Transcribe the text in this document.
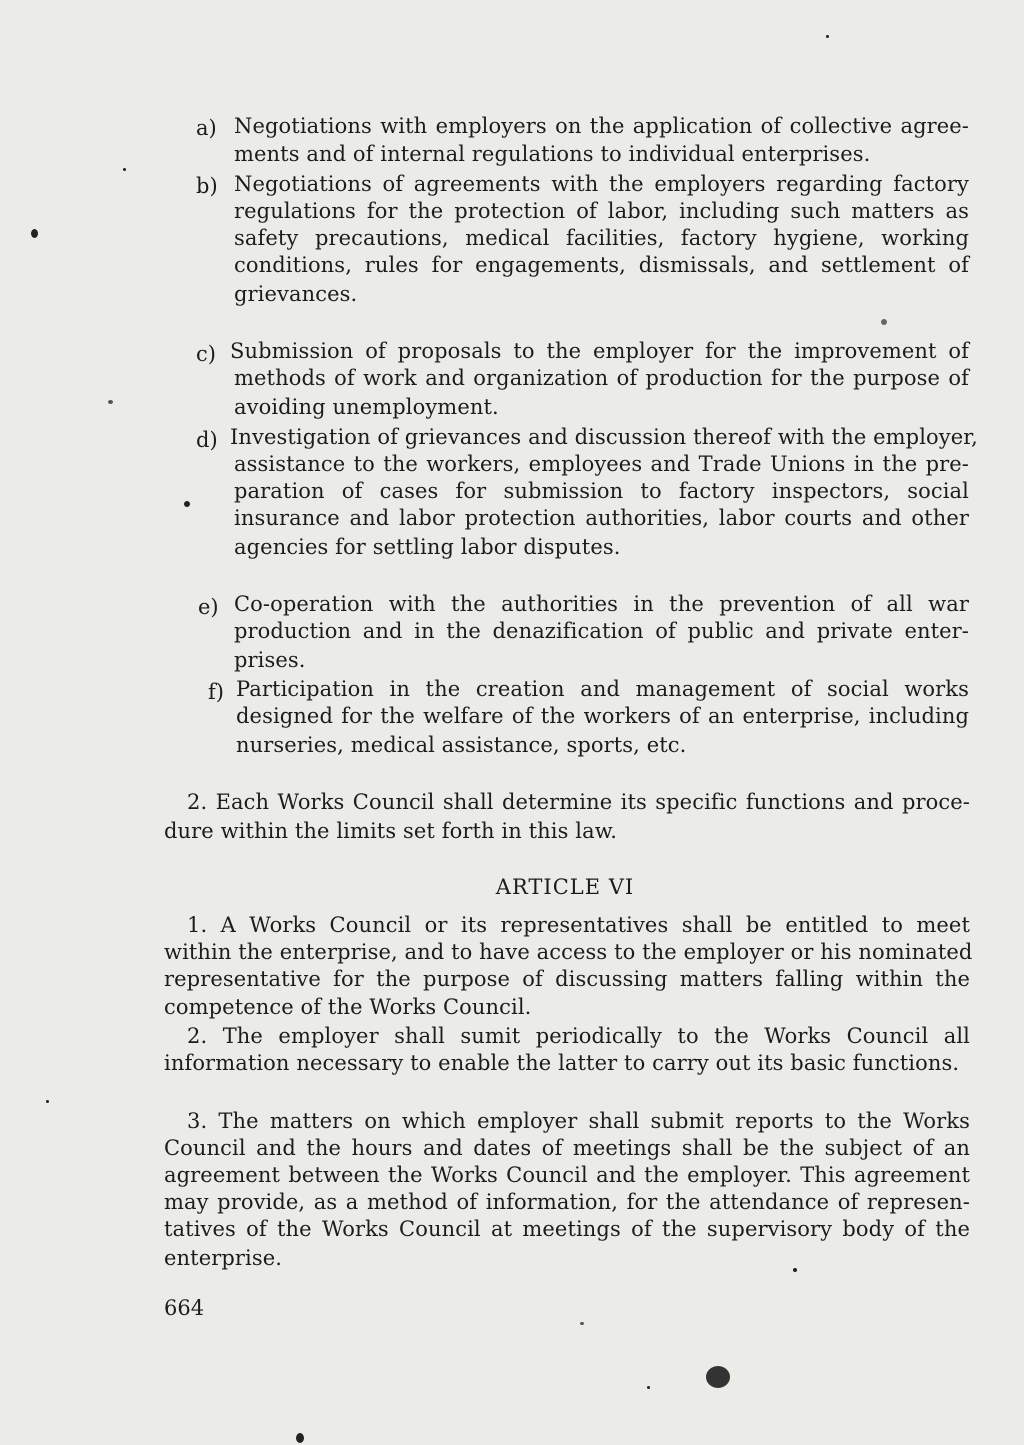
a) Negotiations with employers on the application of collective agree-
ments and of internal regulations to individual enterprises.
b) Negotiations of agreements with the employers regarding factory
regulations for the protection of labor, including such matters as
safety precautions, medical facilities, factory hygiene, working
conditions, rules for engagements, dismissals, and settlement of
grievances.
c) Submission of proposals to the employer for the improvement of
methods of work and organization of production for the purpose of
avoiding unemployment.
d) Investigation of grievances and discussion thereof with the employer,
assistance to the workers, employees and Trade Unions in the pre-
paration of cases for submission to factory inspectors, social
insurance and labor protection authorities, labor courts and other
agencies for settling labor disputes.
e) Co-operation with the authorities in the prevention of all war
production and in the denazification of public and private enter-
prises.
f) Participation in the creation and management of social works
designed for the welfare of the workers of an enterprise, including
nurseries, medical assistance, sports, etc.
2. Each Works Council shall determine its specific functions and proce-
dure within the limits set forth in this law.
ARTICLE VI
1. A Works Council or its representatives shall be entitled to meet
within the enterprise, and to have access to the employer or his nominated
representative for the purpose of discussing matters falling within the
competence of the Works Council.
2. The employer shall sumit periodically to the Works Council all
information necessary to enable the latter to carry out its basic functions.
3. The matters on which employer shall submit reports to the Works
Council and the hours and dates of meetings shall be the subject of an
agreement between the Works Council and the employer. This agreement
may provide, as a method of information, for the attendance of represen-
tatives of the Works Council at meetings of the supervisory body of the
enterprise.
664
